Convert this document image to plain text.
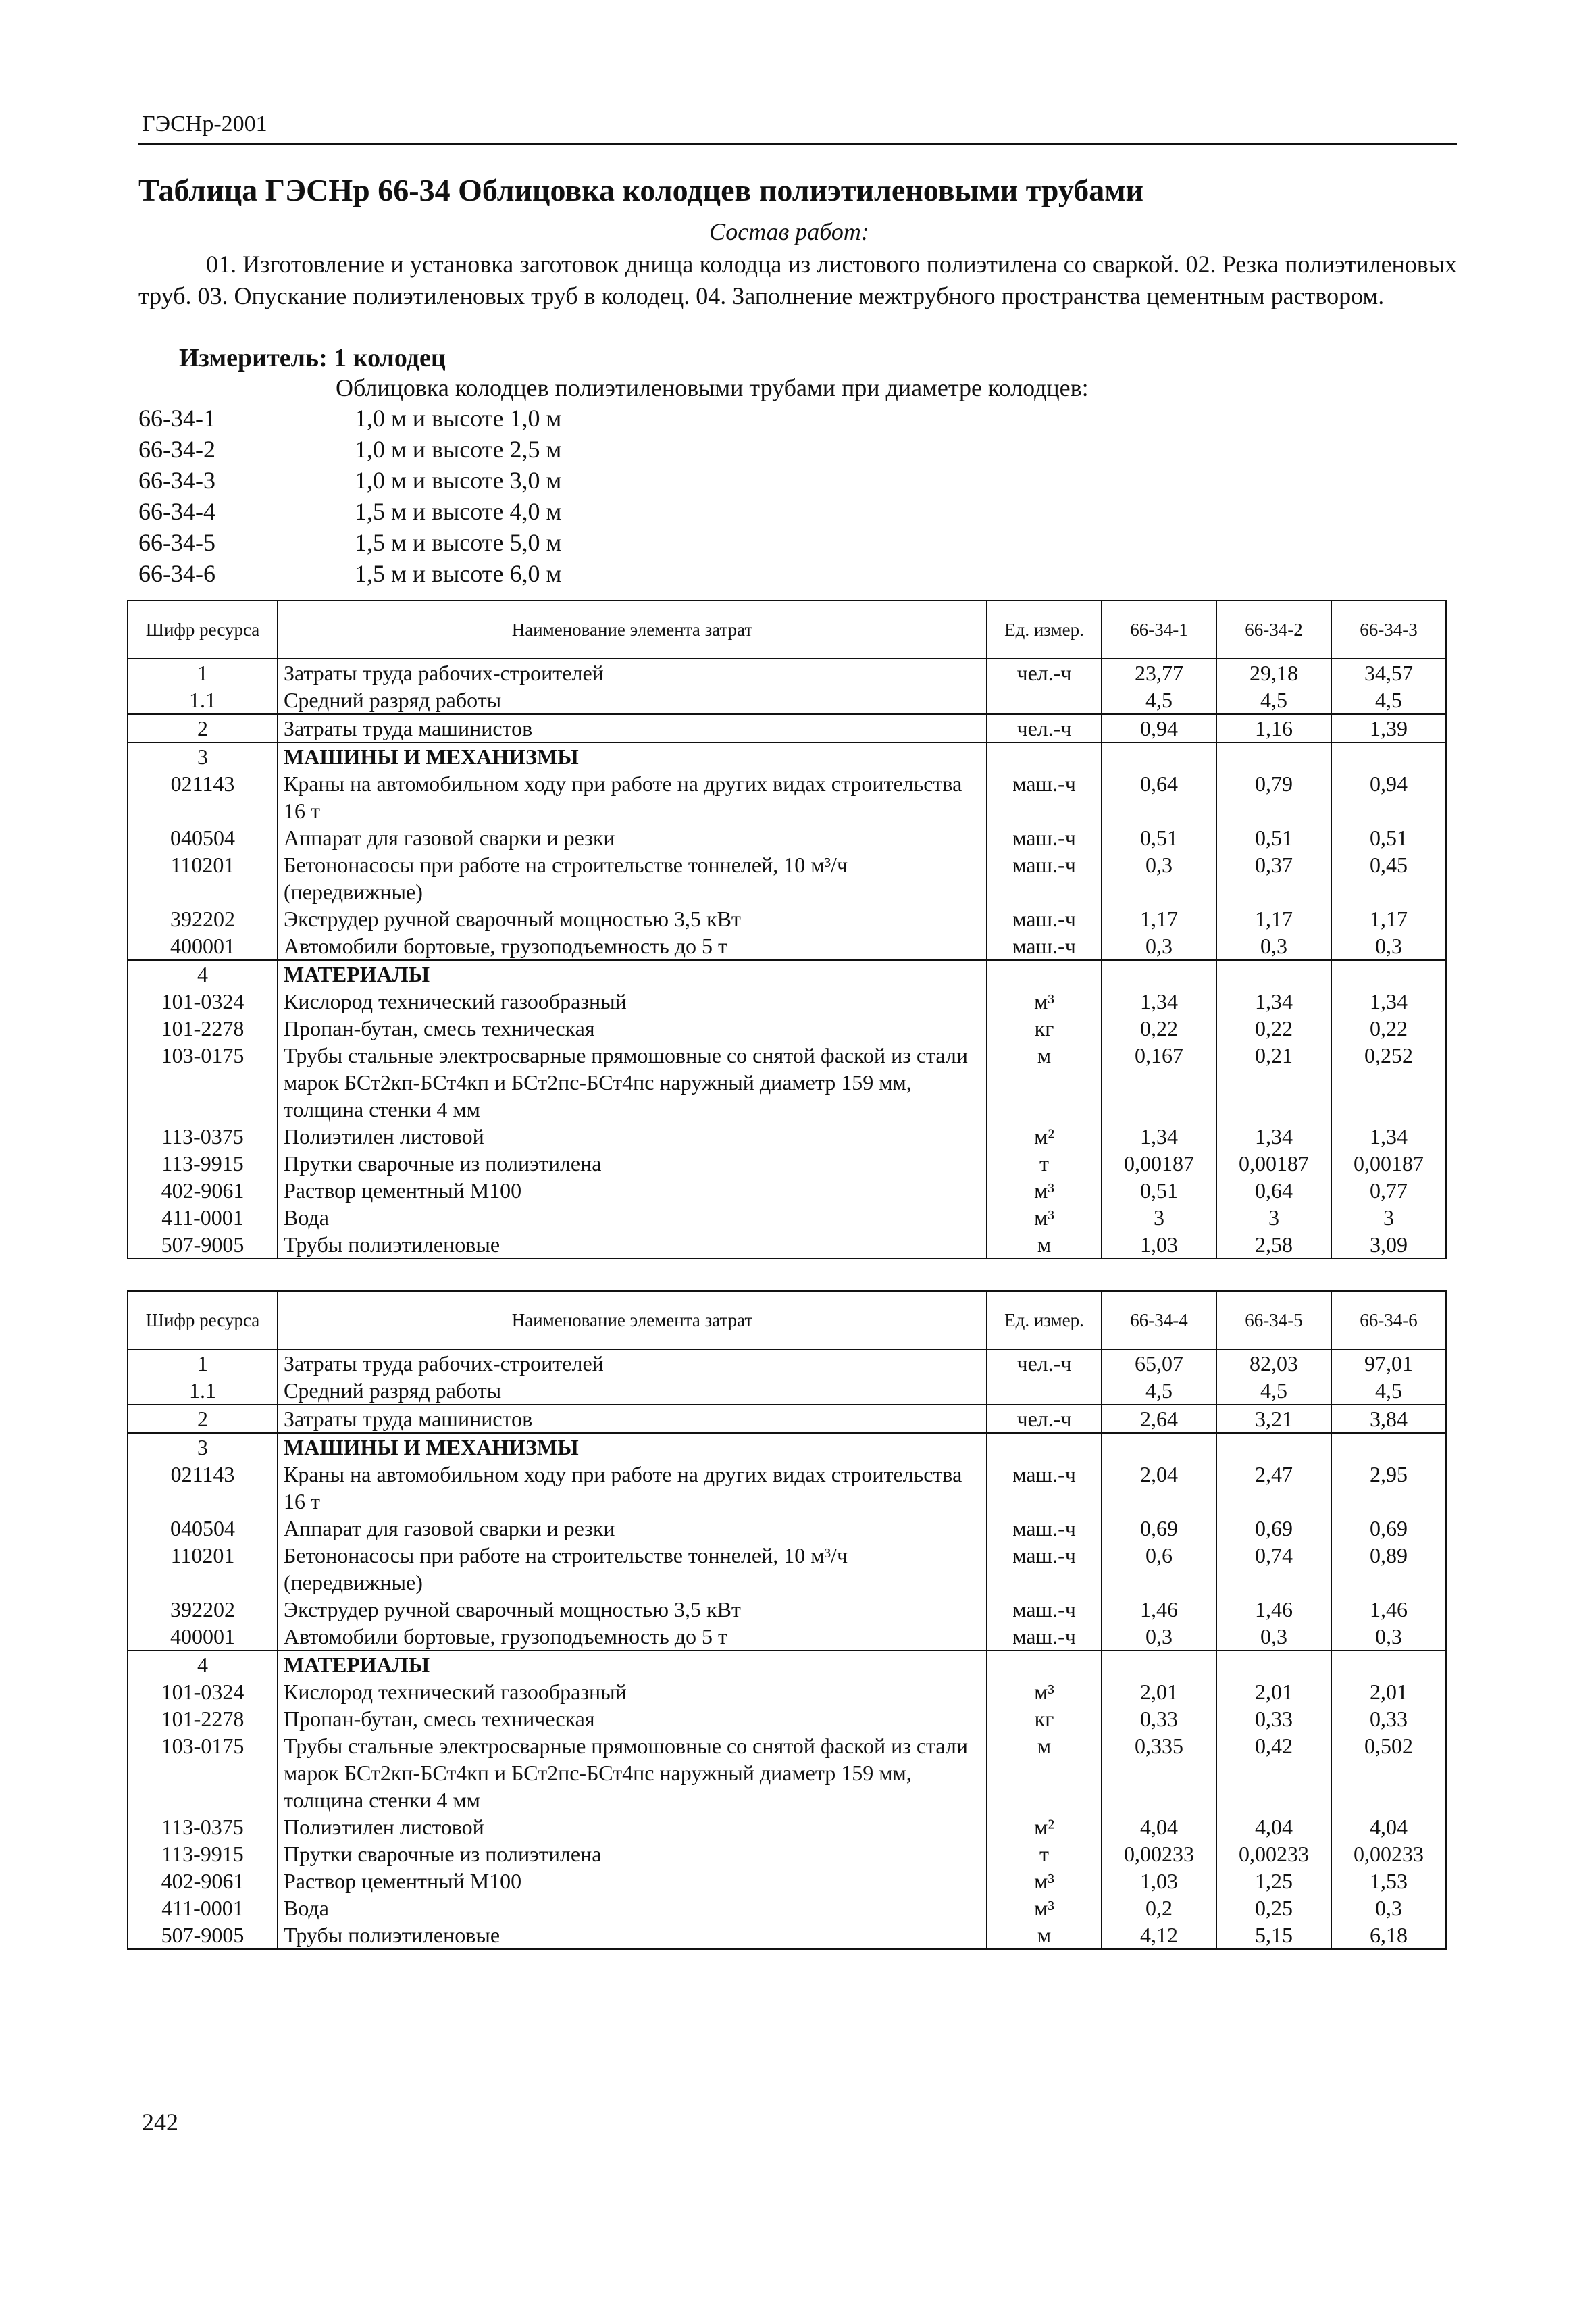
ГЭСНр-2001
Таблица ГЭСНр 66-34 Облицовка колодцев полиэтиленовыми трубами
Состав работ:
01. Изготовление и установка заготовок днища колодца из листового полиэтилена со сваркой. 02. Резка полиэтиленовых труб. 03. Опускание полиэтиленовых труб в колодец. 04. Заполнение межтрубного пространства цементным раствором.
Измеритель: 1 колодец
Облицовка колодцев полиэтиленовыми трубами при диаметре колодцев:
66-34-1	1,0 м и высоте 1,0 м
66-34-2	1,0 м и высоте 2,5 м
66-34-3	1,0 м и высоте 3,0 м
66-34-4	1,5 м и высоте 4,0 м
66-34-5	1,5 м и высоте 5,0 м
66-34-6	1,5 м и высоте 6,0 м
Шифр ресурса	Наименование элемента затрат	Ед. измер.	66-34-1	66-34-2	66-34-3
1	Затраты труда рабочих-строителей	чел.-ч	23,77	29,18	34,57
1.1	Средний разряд работы		4,5	4,5	4,5
2	Затраты труда машинистов	чел.-ч	0,94	1,16	1,39
3	МАШИНЫ И МЕХАНИЗМЫ				
021143	Краны на автомобильном ходу при работе на других видах строительства 16 т	маш.-ч	0,64	0,79	0,94
040504	Аппарат для газовой сварки и резки	маш.-ч	0,51	0,51	0,51
110201	Бетононасосы при работе на строительстве тоннелей, 10 м³/ч (передвижные)	маш.-ч	0,3	0,37	0,45
392202	Экструдер ручной сварочный мощностью 3,5 кВт	маш.-ч	1,17	1,17	1,17
400001	Автомобили бортовые, грузоподъемность до 5 т	маш.-ч	0,3	0,3	0,3
4	МАТЕРИАЛЫ				
101-0324	Кислород технический газообразный	м³	1,34	1,34	1,34
101-2278	Пропан-бутан, смесь техническая	кг	0,22	0,22	0,22
103-0175	Трубы стальные электросварные прямошовные со снятой фаской из стали марок БСт2кп-БСт4кп и БСт2пс-БСт4пс наружный диаметр 159 мм, толщина стенки 4 мм	м	0,167	0,21	0,252
113-0375	Полиэтилен листовой	м²	1,34	1,34	1,34
113-9915	Прутки сварочные из полиэтилена	т	0,00187	0,00187	0,00187
402-9061	Раствор цементный М100	м³	0,51	0,64	0,77
411-0001	Вода	м³	3	3	3
507-9005	Трубы полиэтиленовые	м	1,03	2,58	3,09
Шифр ресурса	Наименование элемента затрат	Ед. измер.	66-34-4	66-34-5	66-34-6
1	Затраты труда рабочих-строителей	чел.-ч	65,07	82,03	97,01
1.1	Средний разряд работы		4,5	4,5	4,5
2	Затраты труда машинистов	чел.-ч	2,64	3,21	3,84
3	МАШИНЫ И МЕХАНИЗМЫ				
021143	Краны на автомобильном ходу при работе на других видах строительства 16 т	маш.-ч	2,04	2,47	2,95
040504	Аппарат для газовой сварки и резки	маш.-ч	0,69	0,69	0,69
110201	Бетононасосы при работе на строительстве тоннелей, 10 м³/ч (передвижные)	маш.-ч	0,6	0,74	0,89
392202	Экструдер ручной сварочный мощностью 3,5 кВт	маш.-ч	1,46	1,46	1,46
400001	Автомобили бортовые, грузоподъемность до 5 т	маш.-ч	0,3	0,3	0,3
4	МАТЕРИАЛЫ				
101-0324	Кислород технический газообразный	м³	2,01	2,01	2,01
101-2278	Пропан-бутан, смесь техническая	кг	0,33	0,33	0,33
103-0175	Трубы стальные электросварные прямошовные со снятой фаской из стали марок БСт2кп-БСт4кп и БСт2пс-БСт4пс наружный диаметр 159 мм, толщина стенки 4 мм	м	0,335	0,42	0,502
113-0375	Полиэтилен листовой	м²	4,04	4,04	4,04
113-9915	Прутки сварочные из полиэтилена	т	0,00233	0,00233	0,00233
402-9061	Раствор цементный М100	м³	1,03	1,25	1,53
411-0001	Вода	м³	0,2	0,25	0,3
507-9005	Трубы полиэтиленовые	м	4,12	5,15	6,18
242
